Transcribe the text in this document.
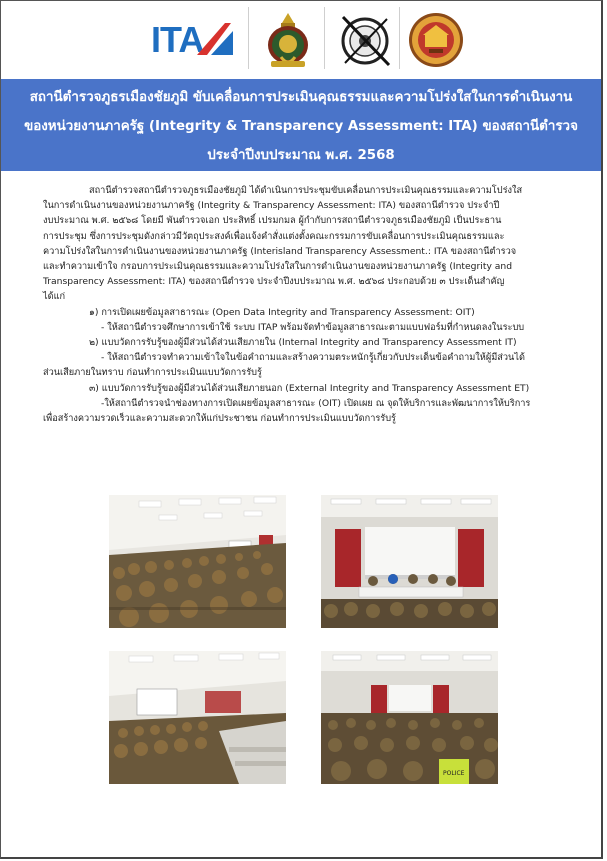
ITA
สถานีตำรวจภูธรเมืองชัยภูมิ ขับเคลื่อนการประเมินคุณธรรมและความโปร่งใสในการดำเนินงาน
ของหน่วยงานภาครัฐ (Integrity & Transparency Assessment: ITA) ของสถานีตำรวจ
ประจำปีงบประมาณ พ.ศ. 2568
สถานีตำรวจสถานีตำรวจภูธรเมืองชัยภูมิ ได้ดำเนินการประชุมขับเคลื่อนการประเมินคุณธรรมและความโปร่งใส
ในการดำเนินงานของหน่วยงานภาครัฐ (Integrity & Transparency Assessment: ITA) ของสถานีตำรวจ ประจำปี
งบประมาณ พ.ศ. ๒๕๖๘ โดยมี พันตำรวจเอก ประสิทธิ์ เปรมกมล ผู้กำกับการสถานีตำรวจภูธรเมืองชัยภูมิ เป็นประธาน
การประชุม ซึ่งการประชุมดังกล่าวมีวัตถุประสงค์เพื่อแจ้งคำสั่งแต่งตั้งคณะกรรมการขับเคลื่อนการประเมินคุณธรรมและ
ความโปร่งใสในการดำเนินงานของหน่วยงานภาครัฐ (Interisland Transparency Assessment.: ITA ของสถานีตำรวจ
และทำความเข้าใจ กรอบการประเมินคุณธรรมและความโปร่งใสในการดำเนินงานของหน่วยงานภาครัฐ (Integrity and
Transparency Assessment: ITA) ของสถานีตำรวจ ประจำปีงบประมาณ พ.ศ. ๒๕๖๘ ประกอบด้วย ๓ ประเด็นสำคัญ
ได้แก่
๑) การเปิดเผยข้อมูลสาธารณะ (Open Data Integrity and Transparency Assessment: OIT)
- ให้สถานีตำรวจศึกษาการเข้าใช้ ระบบ ITAP พร้อมจัดทำข้อมูลสาธารณะตามแบบฟอร์มที่กำหนดลงในระบบ
๒) แบบวัดการรับรู้ของผู้มีส่วนได้ส่วนเสียภายใน (Internal Integrity and Transparency Assessment IT)
- ให้สถานีตำรวจทำความเข้าใจในข้อคำถามและสร้างความตระหนักรู้เกี่ยวกับประเด็นข้อคำถามให้ผู้มีส่วนได้
ส่วนเสียภายในทราบ ก่อนทำการประเมินแบบวัดการรับรู้
๓) แบบวัดการรับรู้ของผู้มีส่วนได้ส่วนเสียภายนอก (External Integrity and Transparency Assessment ET)
-ให้สถานีตำรวจนำช่องทางการเปิดเผยข้อมูลสาธารณะ (OIT) เปิดเผย ณ จุดให้บริการและพัฒนาการให้บริการ
เพื่อสร้างความรวดเร็วและความสะดวกให้แก่ประชาชน ก่อนทำการประเมินแบบวัดการรับรู้
POLICE
